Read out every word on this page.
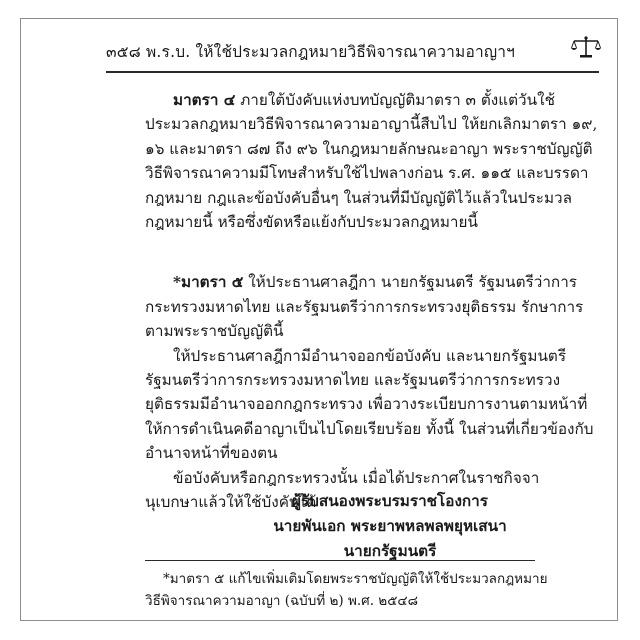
๓๕๘ พ.ร.บ. ให้ใช้ประมวลกฎหมายวิธีพิจารณาความอาญาฯ
มาตรา ๔ ภายใต้บังคับแห่งบทบัญญัติมาตรา ๓ ตั้งแต่วันใช้
ประมวลกฎหมายวิธีพิจารณาความอาญานี้สืบไป ให้ยกเลิกมาตรา ๑๙,
๑๖ และมาตรา ๘๗ ถึง ๙๖ ในกฎหมายลักษณะอาญา พระราชบัญญัติ
วิธีพิจารณาความมีโทษสำหรับใช้ไปพลางก่อน ร.ศ. ๑๑๕ และบรรดา
กฎหมาย กฎและข้อบังคับอื่นๆ ในส่วนที่มีบัญญัติไว้แล้วในประมวล
กฎหมายนี้ หรือซึ่งขัดหรือแย้งกับประมวลกฎหมายนี้
*มาตรา ๕ ให้ประธานศาลฎีกา นายกรัฐมนตรี รัฐมนตรีว่าการ
กระทรวงมหาดไทย และรัฐมนตรีว่าการกระทรวงยุติธรรม รักษาการ
ตามพระราชบัญญัตินี้
ให้ประธานศาลฎีกามีอำนาจออกข้อบังคับ และนายกรัฐมนตรี
รัฐมนตรีว่าการกระทรวงมหาดไทย และรัฐมนตรีว่าการกระทรวง
ยุติธรรมมีอำนาจออกกฎกระทรวง เพื่อวางระเบียบการงานตามหน้าที่
ให้การดำเนินคดีอาญาเป็นไปโดยเรียบร้อย ทั้งนี้ ในส่วนที่เกี่ยวข้องกับ
อำนาจหน้าที่ของตน
ข้อบังคับหรือกฎกระทรวงนั้น เมื่อได้ประกาศในราชกิจจา
นุเบกษาแล้วให้ใช้บังคับได้
ผู้รับสนองพระบรมราชโองการ
นายพันเอก พระยาพหลพลพยุหเสนา
นายกรัฐมนตรี
*มาตรา ๕ แก้ไขเพิ่มเติมโดยพระราชบัญญัติให้ใช้ประมวลกฎหมาย
วิธีพิจารณาความอาญา (ฉบับที่ ๒) พ.ศ. ๒๕๔๘
